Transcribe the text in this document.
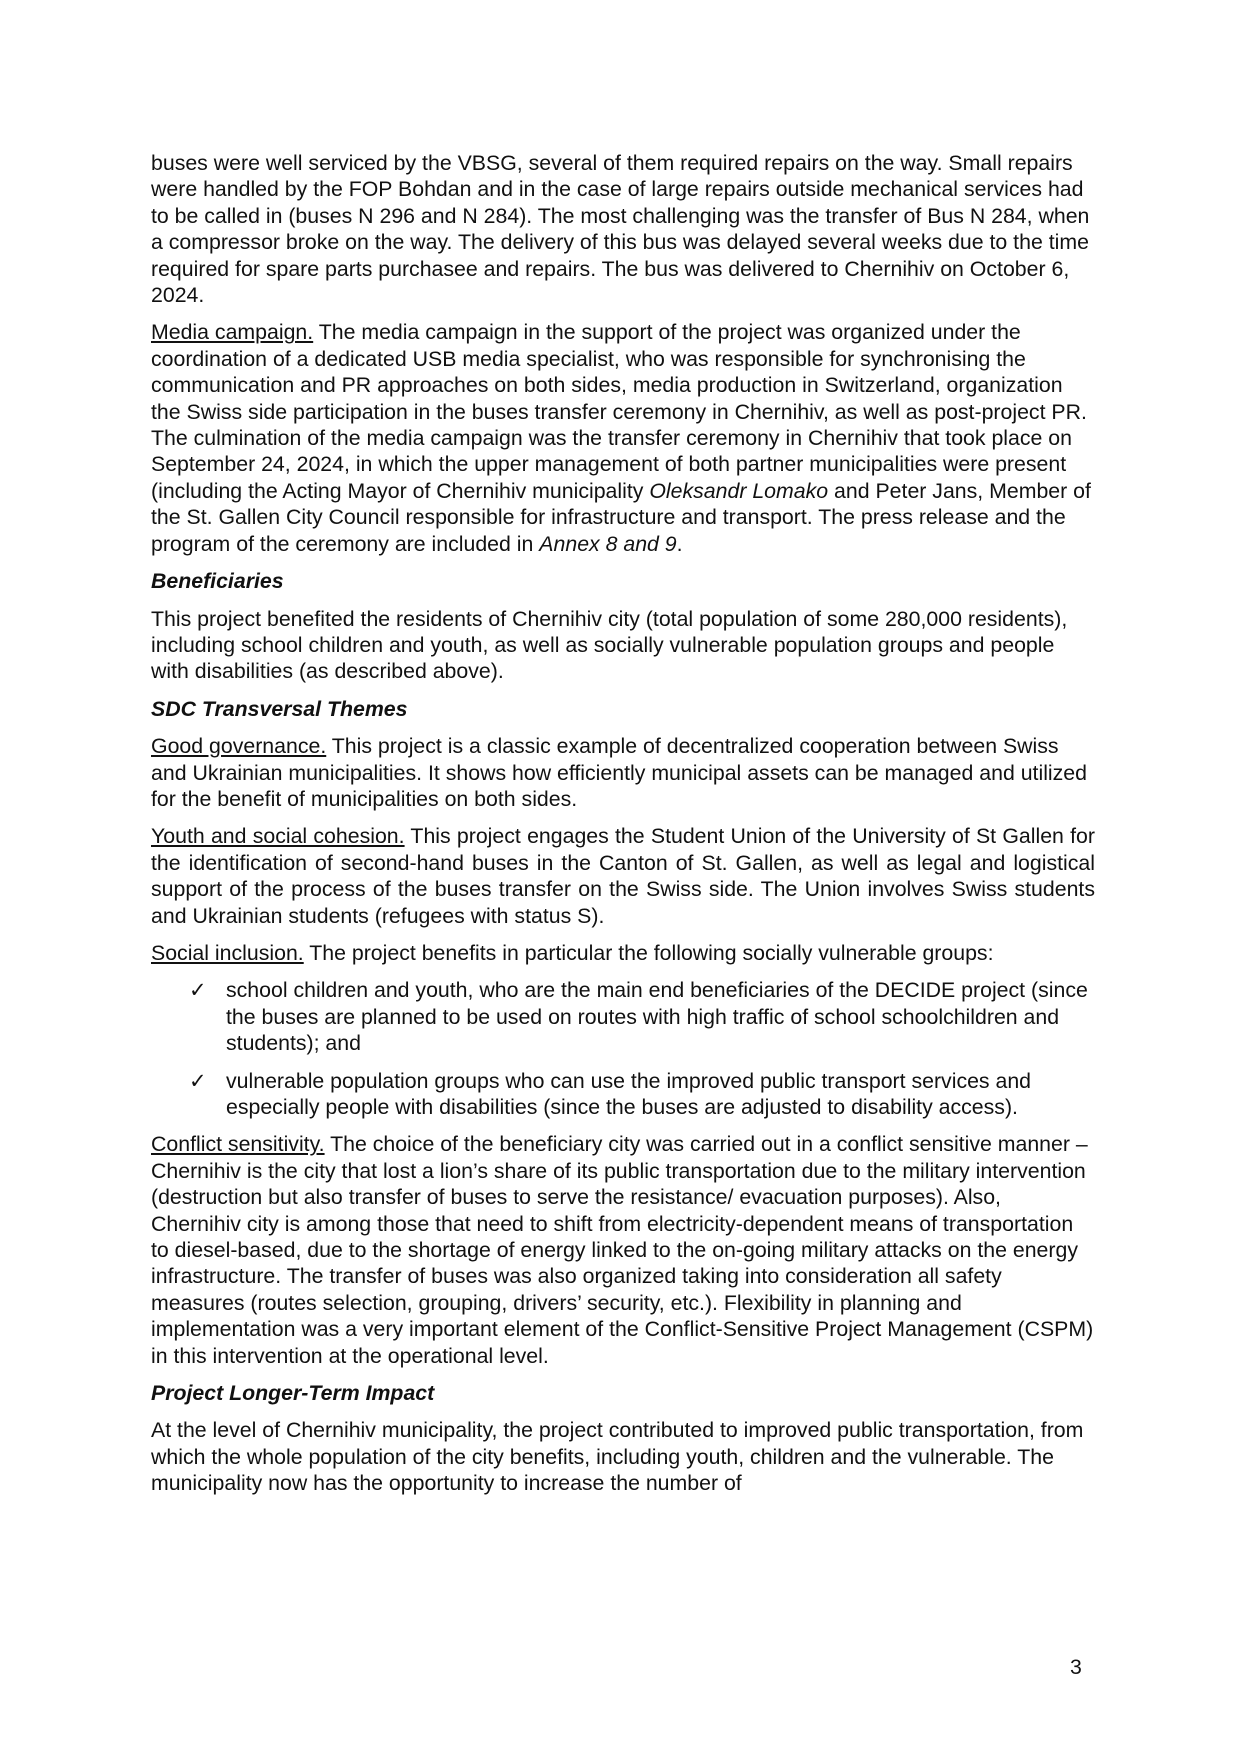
buses were well serviced by the VBSG, several of them required repairs on the way. Small repairs were handled by the FOP Bohdan and in the case of large repairs outside mechanical services had to be called in (buses N 296 and N 284). The most challenging was the transfer of Bus N 284, when a compressor broke on the way. The delivery of this bus was delayed several weeks due to the time required for spare parts purchasee and repairs. The bus was delivered to Chernihiv on October 6, 2024.

Media campaign. The media campaign in the support of the project was organized under the coordination of a dedicated USB media specialist, who was responsible for synchronising the communication and PR approaches on both sides, media production in Switzerland, organization the Swiss side participation in the buses transfer ceremony in Chernihiv, as well as post-project PR. The culmination of the media campaign was the transfer ceremony in Chernihiv that took place on September 24, 2024, in which the upper management of both partner municipalities were present (including the Acting Mayor of Chernihiv municipality Oleksandr Lomako and Peter Jans, Member of the St. Gallen City Council responsible for infrastructure and transport. The press release and the program of the ceremony are included in Annex 8 and 9.

Beneficiaries

This project benefited the residents of Chernihiv city (total population of some 280,000 residents), including school children and youth, as well as socially vulnerable population groups and people with disabilities (as described above).

SDC Transversal Themes

Good governance. This project is a classic example of decentralized cooperation between Swiss and Ukrainian municipalities. It shows how efficiently municipal assets can be managed and utilized for the benefit of municipalities on both sides.

Youth and social cohesion. This project engages the Student Union of the University of St Gallen for the identification of second-hand buses in the Canton of St. Gallen, as well as legal and logistical support of the process of the buses transfer on the Swiss side. The Union involves Swiss students and Ukrainian students (refugees with status S).

Social inclusion. The project benefits in particular the following socially vulnerable groups:

✓ school children and youth, who are the main end beneficiaries of the DECIDE project (since the buses are planned to be used on routes with high traffic of school schoolchildren and students); and
✓ vulnerable population groups who can use the improved public transport services and especially people with disabilities (since the buses are adjusted to disability access).

Conflict sensitivity. The choice of the beneficiary city was carried out in a conflict sensitive manner – Chernihiv is the city that lost a lion’s share of its public transportation due to the military intervention (destruction but also transfer of buses to serve the resistance/ evacuation purposes). Also, Chernihiv city is among those that need to shift from electricity-dependent means of transportation to diesel-based, due to the shortage of energy linked to the on-going military attacks on the energy infrastructure. The transfer of buses was also organized taking into consideration all safety measures (routes selection, grouping, drivers’ security, etc.). Flexibility in planning and implementation was a very important element of the Conflict-Sensitive Project Management (CSPM) in this intervention at the operational level.

Project Longer-Term Impact

At the level of Chernihiv municipality, the project contributed to improved public transportation, from which the whole population of the city benefits, including youth, children and the vulnerable. The municipality now has the opportunity to increase the number of

3
